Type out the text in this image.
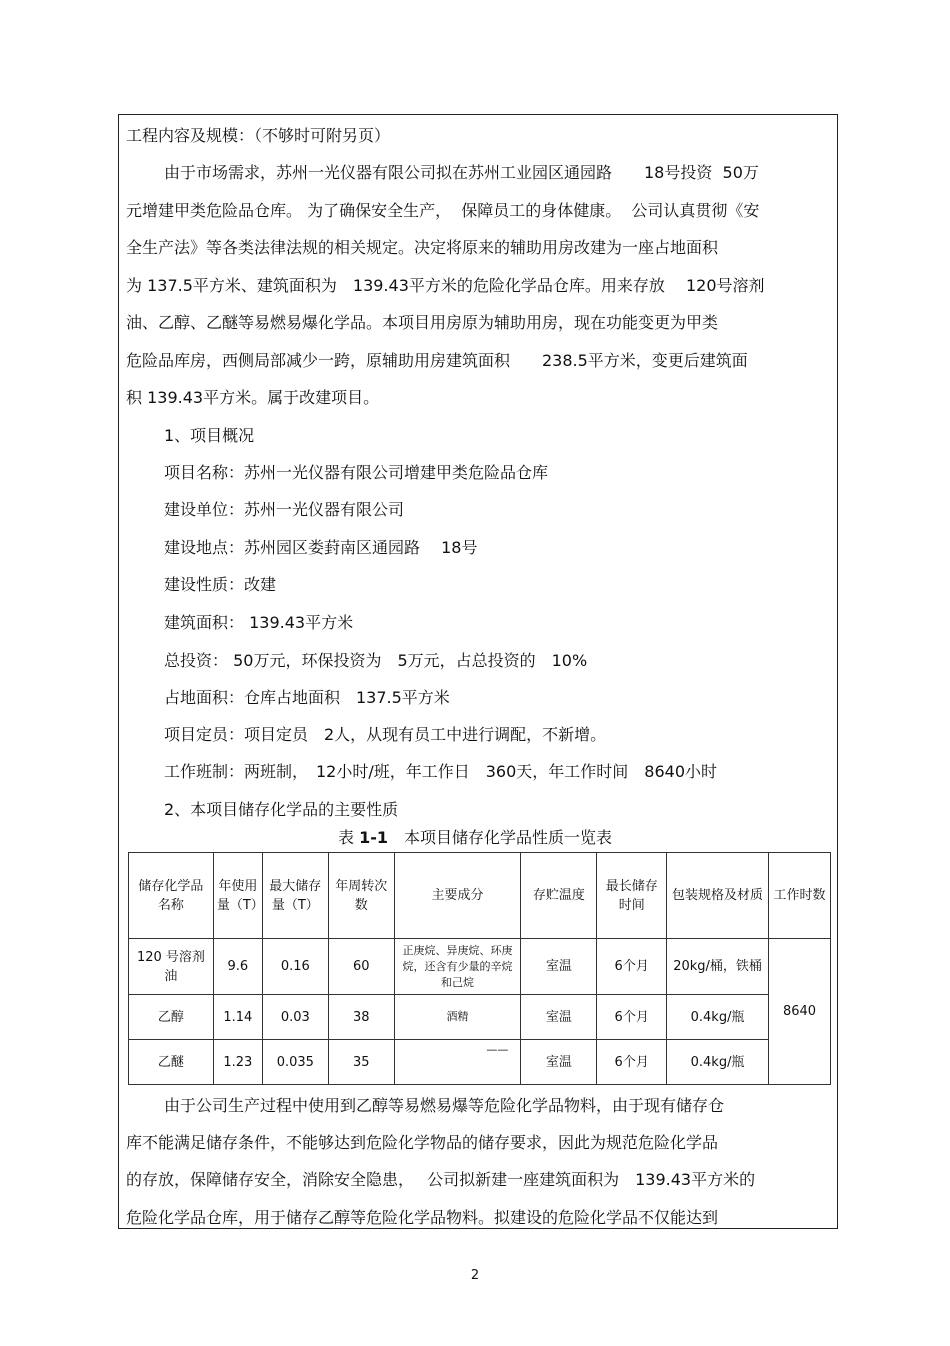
工程内容及规模：（不够时可附另页）
由于市场需求，苏州一光仪器有限公司拟在苏州工业园区通园路　　18号投资  50万
元增建甲类危险品仓库。 为了确保安全生产，  保障员工的身体健康。  公司认真贯彻《安
全生产法》等各类法律法规的相关规定。决定将原来的辅助用房改建为一座占地面积
为 137.5平方米、建筑面积为　139.43平方米的危险化学品仓库。用来存放　 120号溶剂
油、乙醇、乙醚等易燃易爆化学品。本项目用房原为辅助用房，现在功能变更为甲类
危险品库房，西侧局部减少一跨，原辅助用房建筑面积　　238.5平方米，变更后建筑面
积 139.43平方米。属于改建项目。
1、项目概况
项目名称：苏州一光仪器有限公司增建甲类危险品仓库
建设单位：苏州一光仪器有限公司
建设地点：苏州园区娄葑南区通园路　 18号
建设性质：改建
建筑面积： 139.43平方米
总投资： 50万元，环保投资为　5万元，占总投资的　10%
占地面积：仓库占地面积　137.5平方米
项目定员：项目定员　2人，从现有员工中进行调配，不新增。
工作班制：两班制，　12小时/班，年工作日　360天，年工作时间　8640小时
2、本项目储存化学品的主要性质
表 1-1　本项目储存化学品性质一览表
储存化学品名称	年使用量（T）	最大储存量（T）	年周转次数	主要成分	存贮温度	最长储存时间	包装规格及材质	工作时数
120 号溶剂油	9.6	0.16	60	正庚烷、异庚烷、环庚烷，还含有少量的辛烷和己烷	室温	6个月	20kg/桶，铁桶	8640
乙醇	1.14	0.03	38	酒精	室温	6个月	0.4kg/瓶	
乙醚	1.23	0.035	35	——	室温	6个月	0.4kg/瓶	
由于公司生产过程中使用到乙醇等易燃易爆等危险化学品物料，由于现有储存仓
库不能满足储存条件，不能够达到危险化学物品的储存要求，因此为规范危险化学品
的存放，保障储存安全，消除安全隐患，　 公司拟新建一座建筑面积为　139.43平方米的
危险化学品仓库，用于储存乙醇等危险化学品物料。拟建设的危险化学品不仅能达到
2
